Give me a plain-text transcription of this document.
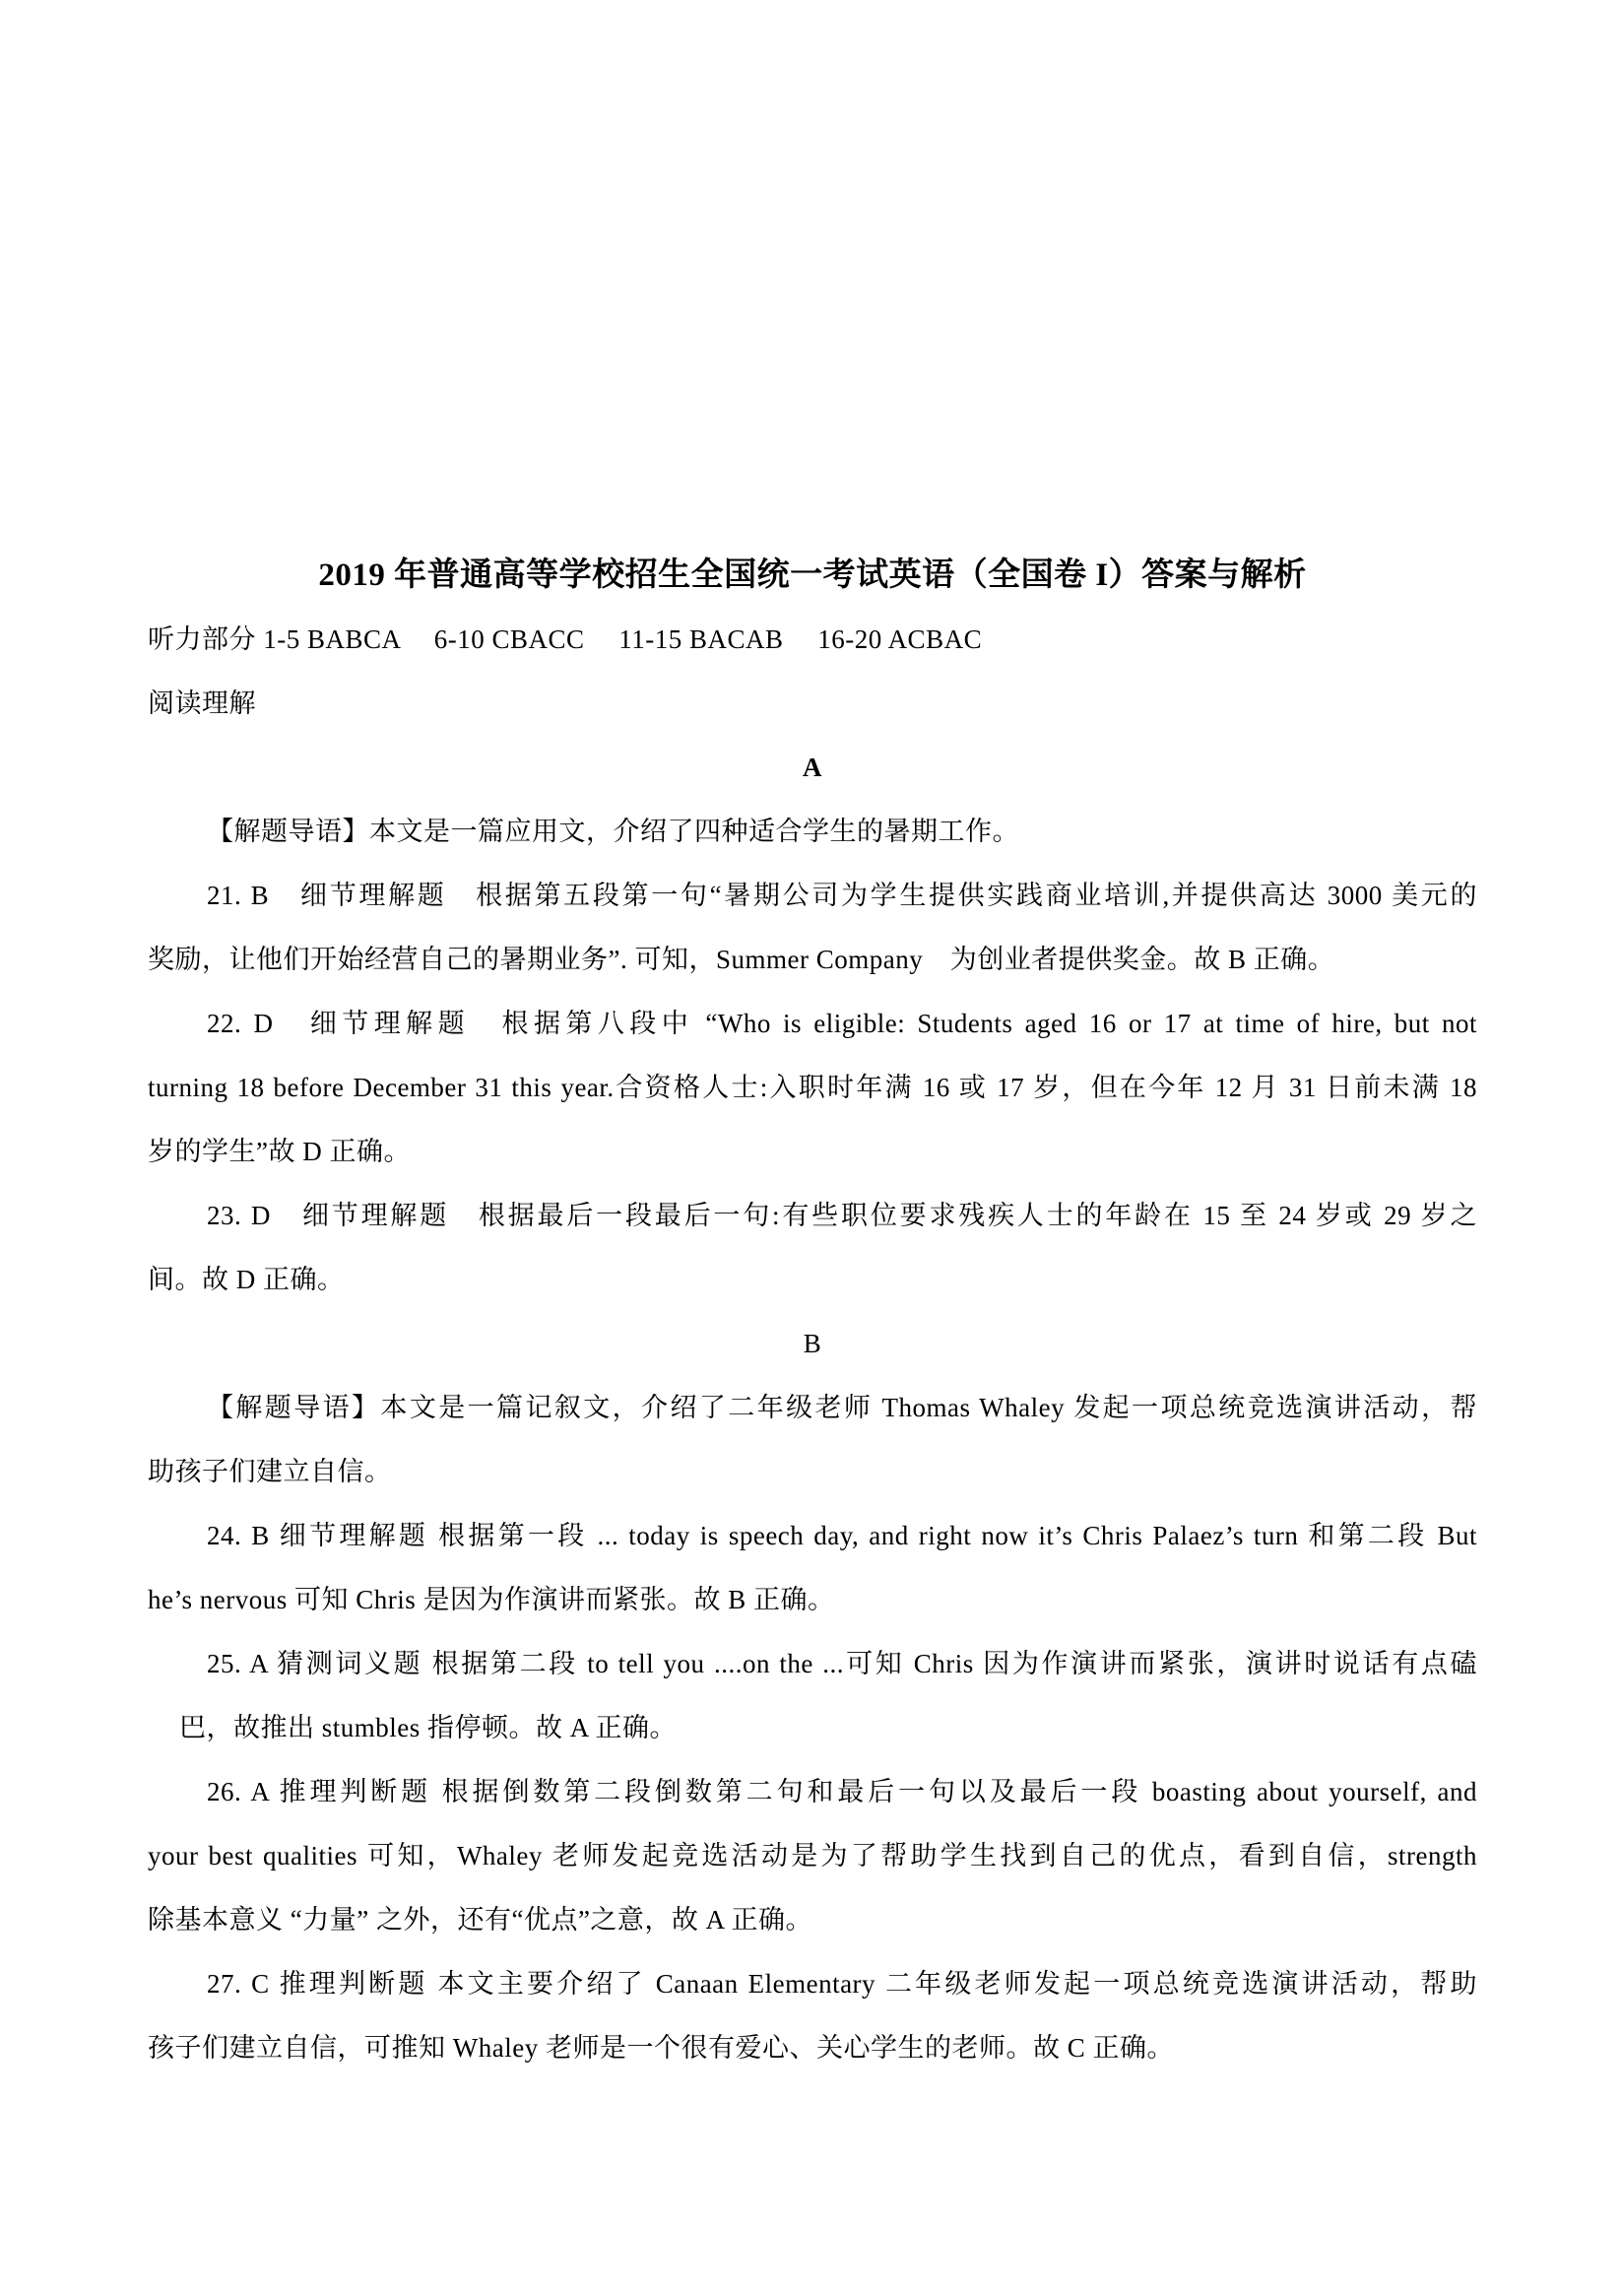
2019 年普通高等学校招生全国统一考试英语（全国卷 I）答案与解析
听力部分 1-5 BABCA　 6-10 CBACC　 11-15 BACAB　 16-20 ACBAC
阅读理解
A
【解题导语】本文是一篇应用文，介绍了四种适合学生的暑期工作。
21. B　细节理解题　根据第五段第一句“暑期公司为学生提供实践商业培训,并提供高达 3000 美元的
奖励，让他们开始经营自己的暑期业务”. 可知，Summer Company　为创业者提供奖金。故 B 正确。
22. D　细节理解题　根据第八段中 “Who is eligible: Students aged 16 or 17 at time of hire, but not
turning 18 before December 31 this year.合资格人士:入职时年满 16 或 17 岁，但在今年 12 月 31 日前未满 18
岁的学生”故 D 正确。
23. D　细节理解题　根据最后一段最后一句:有些职位要求残疾人士的年龄在 15 至 24 岁或 29 岁之
间。故 D 正确。
B
【解题导语】本文是一篇记叙文，介绍了二年级老师 Thomas Whaley 发起一项总统竞选演讲活动，帮
助孩子们建立自信。
24. B 细节理解题 根据第一段 ... today is speech day, and right now it’s Chris Palaez’s turn 和第二段 But
he’s nervous 可知 Chris 是因为作演讲而紧张。故 B 正确。
25. A 猜测词义题 根据第二段 to tell you ....on the ...可知 Chris 因为作演讲而紧张，演讲时说话有点磕
巴，故推出 stumbles 指停顿。故 A 正确。
26. A 推理判断题 根据倒数第二段倒数第二句和最后一句以及最后一段 boasting about yourself, and
your best qualities 可知，Whaley 老师发起竞选活动是为了帮助学生找到自己的优点，看到自信，strength
除基本意义 “力量” 之外，还有“优点”之意，故 A 正确。
27. C 推理判断题 本文主要介绍了 Canaan Elementary 二年级老师发起一项总统竞选演讲活动，帮助
孩子们建立自信，可推知 Whaley 老师是一个很有爱心、关心学生的老师。故 C 正确。
